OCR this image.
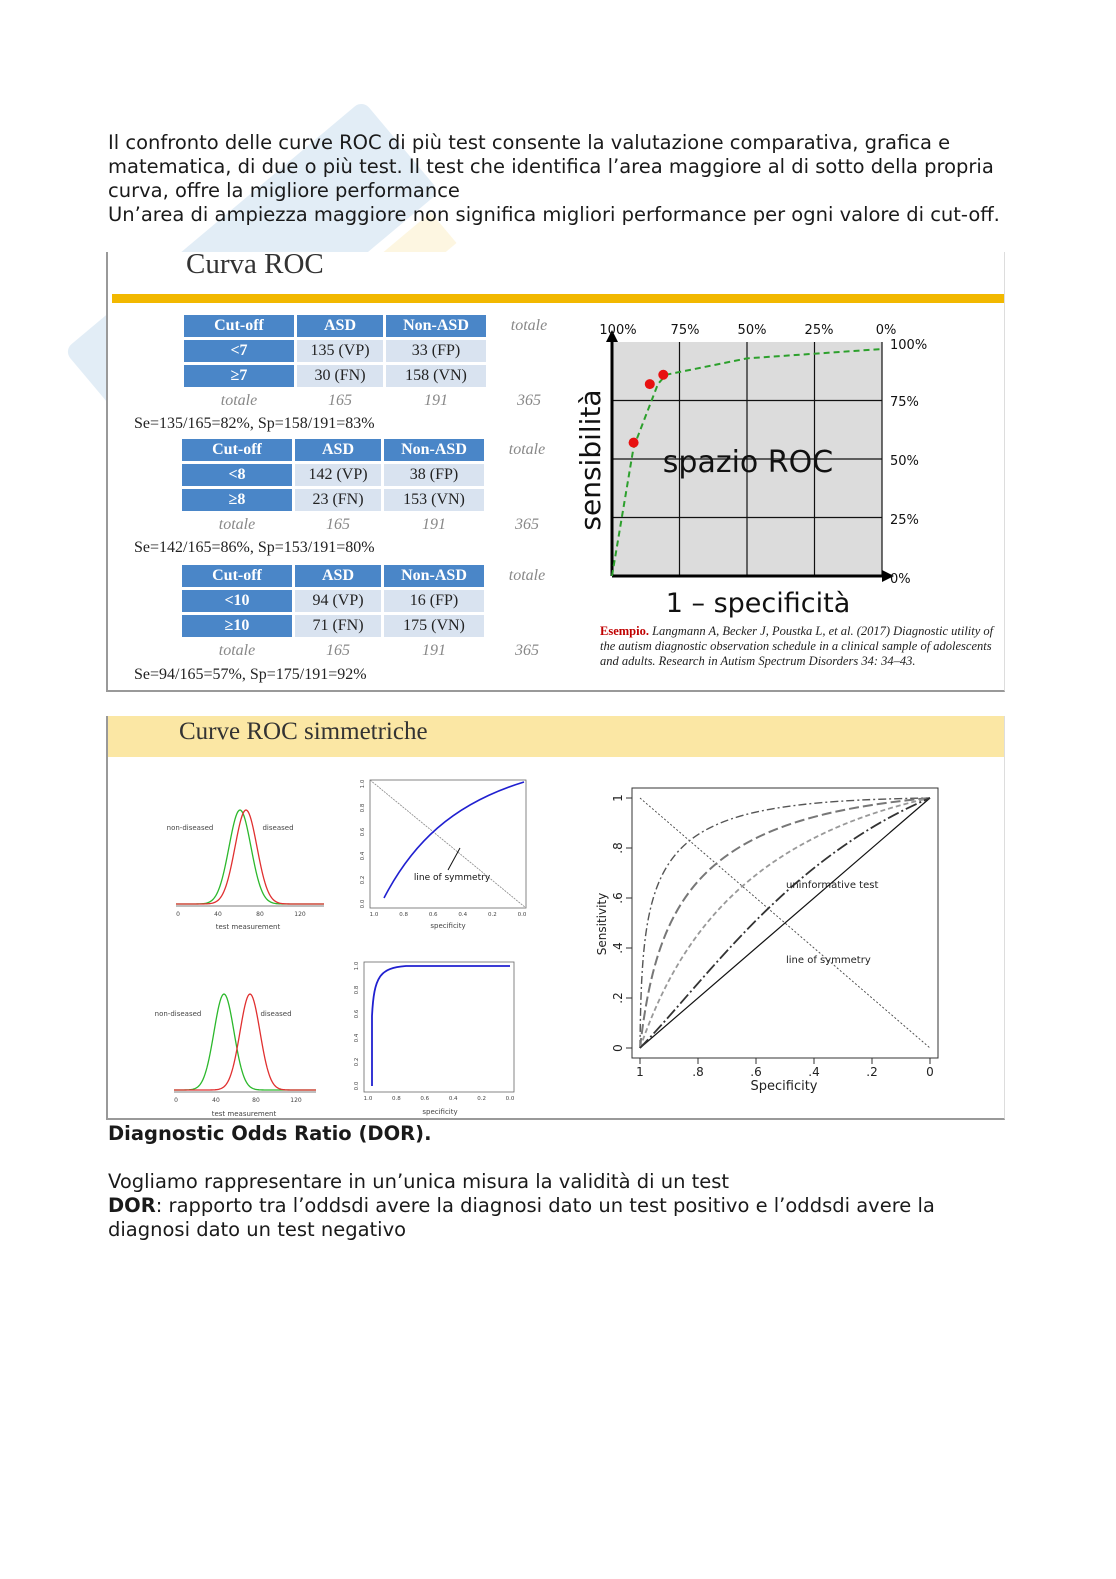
Il confronto delle curve ROC di più test consente la valutazione comparativa, grafica e matematica, di due o più test. Il test che identifica l’area maggiore al di sotto della propria curva, offre la migliore performance

Un’area di ampiezza maggiore non significa migliori performance per ogni valore di cut-off.

Curva ROC
Cut-off	ASD	Non-ASD	totale
<7	135 (VP)	33 (FP)	
≥7	30 (FN)	158 (VN)	
totale	165	191	365
Se=135/165=82%, Sp=158/191=83%
Cut-off	ASD	Non-ASD	totale
<8	142 (VP)	38 (FP)	
≥8	23 (FN)	153 (VN)	
totale	165	191	365
Se=142/165=86%, Sp=153/191=80%
Cut-off	ASD	Non-ASD	totale
<10	94 (VP)	16 (FP)	
≥10	71 (FN)	175 (VN)	
totale	165	191	365
Se=94/165=57%, Sp=175/191=92%
100%	75%	50%	25%	0%
100%
75%
50%
25%
0%
spazio ROC
sensibilità
1 – specificità
Esempio. Langmann A, Becker J, Poustka L, et al. (2017) Diagnostic utility of the autism diagnostic observation schedule in a clinical sample of adolescents and adults. Research in Autism Spectrum Disorders 34: 34–43.
Curve ROC simmetriche
non-diseased	diseased
0	40	80	120
test measurement
line of symmetry
specificity
1.0	0.8	0.6	0.4	0.2	0.0
0.0
0.2
0.4
0.6
0.8
1.0
non-diseased	diseased
0	40	80	120
test measurement	specificity
1.0	0.8	0.6	0.4	0.2	0.0
0.0
0.2
0.4
0.6
0.8
1.0
uninformative test
line of symmetry
Sensitivity
Specificity
1	.8	.6	.4	.2	0
0
.2
.4
.6
.8
1

Diagnostic Odds Ratio (DOR).

Vogliamo rappresentare in un’unica misura la validità di un test

DOR: rapporto tra l’oddsdi avere la diagnosi dato un test positivo e l’oddsdi avere la diagnosi dato un test negativo
